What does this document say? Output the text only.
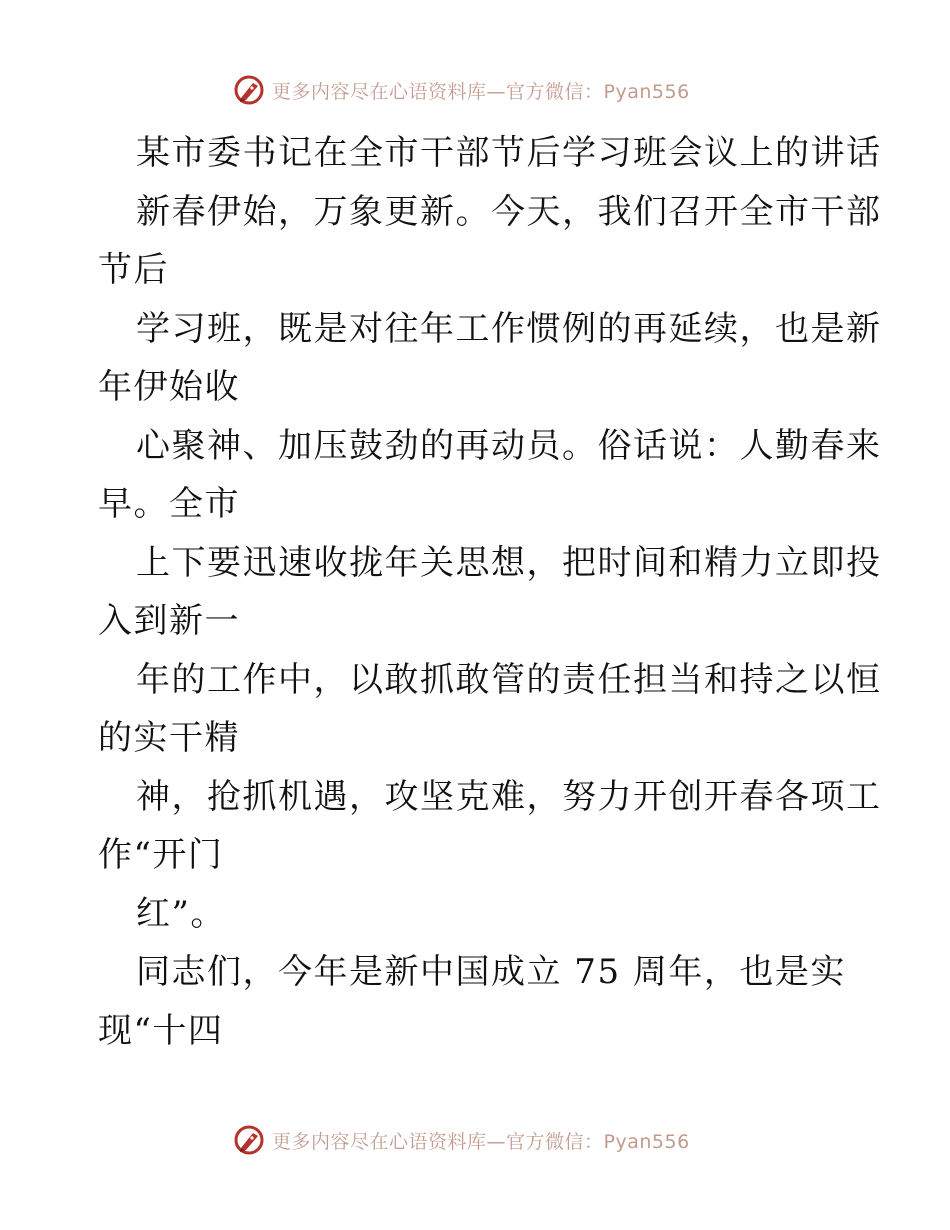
更多内容尽在心语资料库—官方微信：Pyan556
某市委书记在全市干部节后学习班会议上的讲话
新春伊始，万象更新。今天，我们召开全市干部
节后
学习班，既是对往年工作惯例的再延续，也是新
年伊始收
心聚神、加压鼓劲的再动员。俗话说：人勤春来
早。全市
上下要迅速收拢年关思想，把时间和精力立即投
入到新一
年的工作中，以敢抓敢管的责任担当和持之以恒
的实干精
神，抢抓机遇，攻坚克难，努力开创开春各项工
作“开门
红”。
同志们，今年是新中国成立 75 周年，也是实
现“十四
更多内容尽在心语资料库—官方微信：Pyan556
